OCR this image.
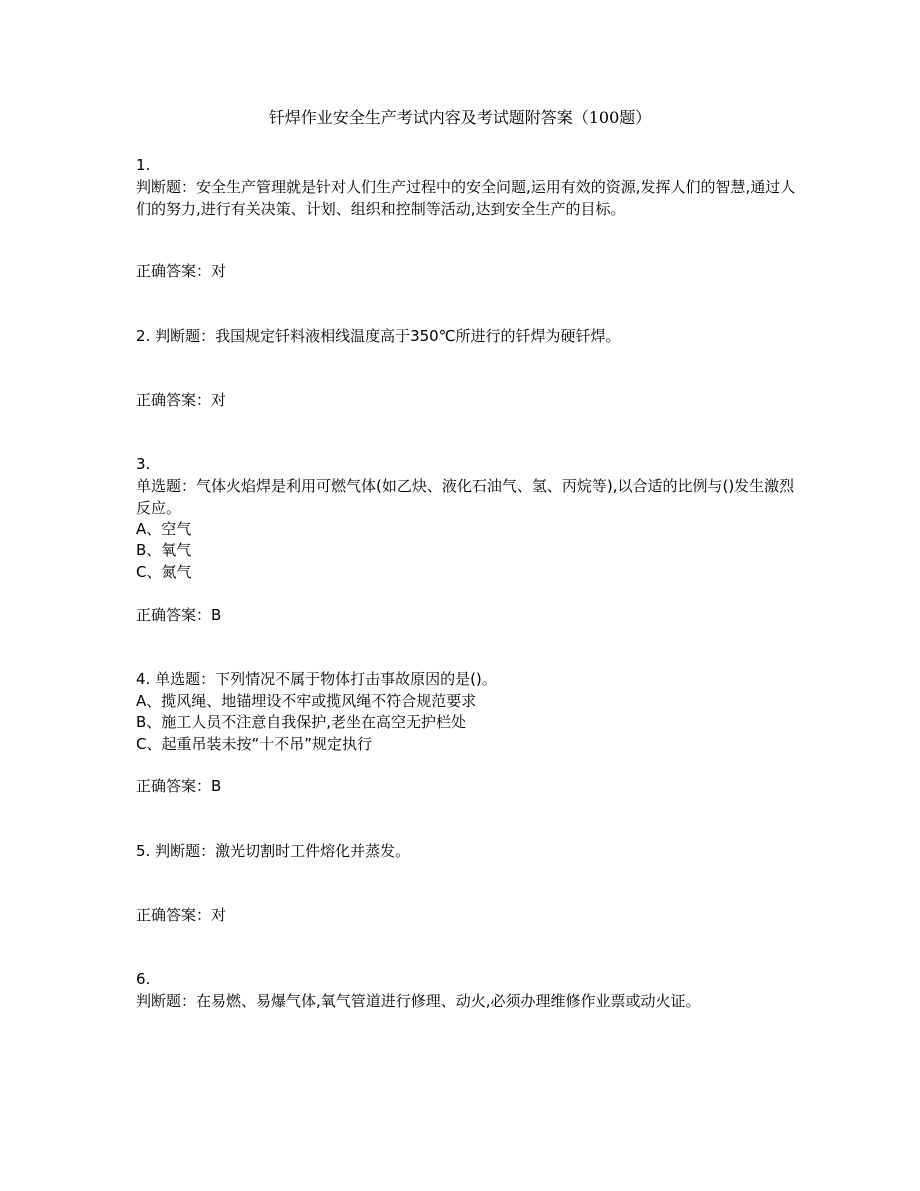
钎焊作业安全生产考试内容及考试题附答案（100题）
1.
判断题：安全生产管理就是针对人们生产过程中的安全问题,运用有效的资源,发挥人们的智慧,通过人们的努力,进行有关决策、计划、组织和控制等活动,达到安全生产的目标。
正确答案：对
2. 判断题：我国规定钎料液相线温度高于350℃所进行的钎焊为硬钎焊。
正确答案：对
3.
单选题：气体火焰焊是利用可燃气体(如乙炔、液化石油气、氢、丙烷等),以合适的比例与()发生激烈反应。
A、空气
B、氧气
C、氮气
正确答案：B
4. 单选题：下列情况不属于物体打击事故原因的是()。
A、揽风绳、地锚埋设不牢或揽风绳不符合规范要求
B、施工人员不注意自我保护,老坐在高空无护栏处
C、起重吊装未按“十不吊”规定执行
正确答案：B
5. 判断题：激光切割时工件熔化并蒸发。
正确答案：对
6.
判断题：在易燃、易爆气体,氧气管道进行修理、动火,必须办理维修作业票或动火证。
